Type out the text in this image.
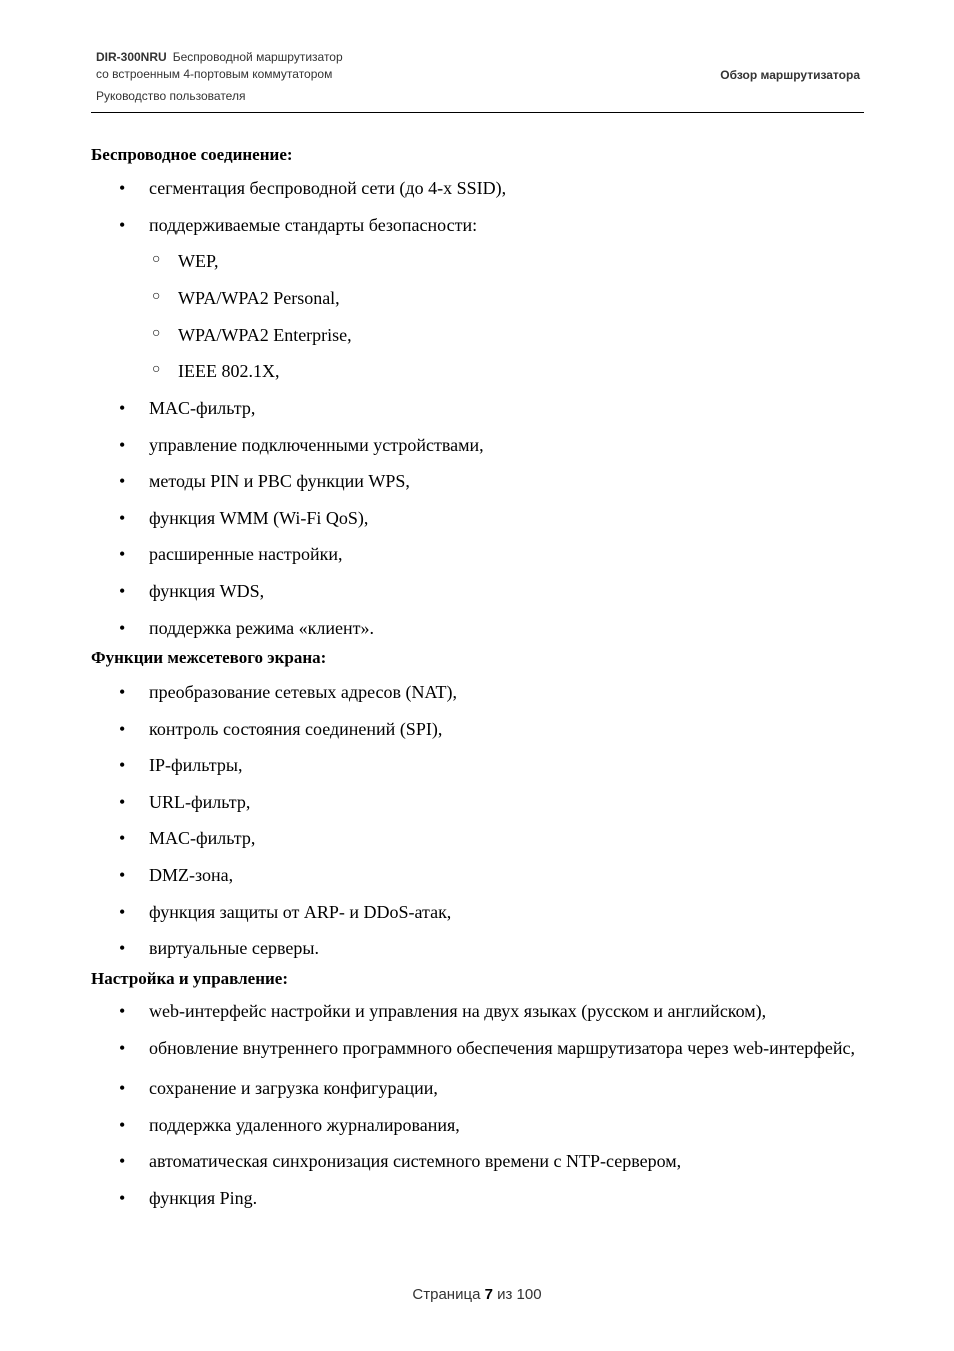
DIR-300NRU Беспроводной маршрутизатор
со встроенным 4-портовым коммутатором
Руководство пользователя
Обзор маршрутизатора
Беспроводное соединение:
• сегментация беспроводной сети (до 4-х SSID),
• поддерживаемые стандарты безопасности:
○ WEP,
○ WPA/WPA2 Personal,
○ WPA/WPA2 Enterprise,
○ IEEE 802.1X,
• MAC-фильтр,
• управление подключенными устройствами,
• методы PIN и PBC функции WPS,
• функция WMM (Wi-Fi QoS),
• расширенные настройки,
• функция WDS,
• поддержка режима «клиент».
Функции межсетевого экрана:
• преобразование сетевых адресов (NAT),
• контроль состояния соединений (SPI),
• IP-фильтры,
• URL-фильтр,
• MAC-фильтр,
• DMZ-зона,
• функция защиты от ARP- и DDoS-атак,
• виртуальные серверы.
Настройка и управление:
• web-интерфейс настройки и управления на двух языках (русском и английском),
• обновление внутреннего программного обеспечения маршрутизатора через web-интерфейс,
• сохранение и загрузка конфигурации,
• поддержка удаленного журналирования,
• автоматическая синхронизация системного времени с NTP-сервером,
• функция Ping.
Страница 7 из 100
